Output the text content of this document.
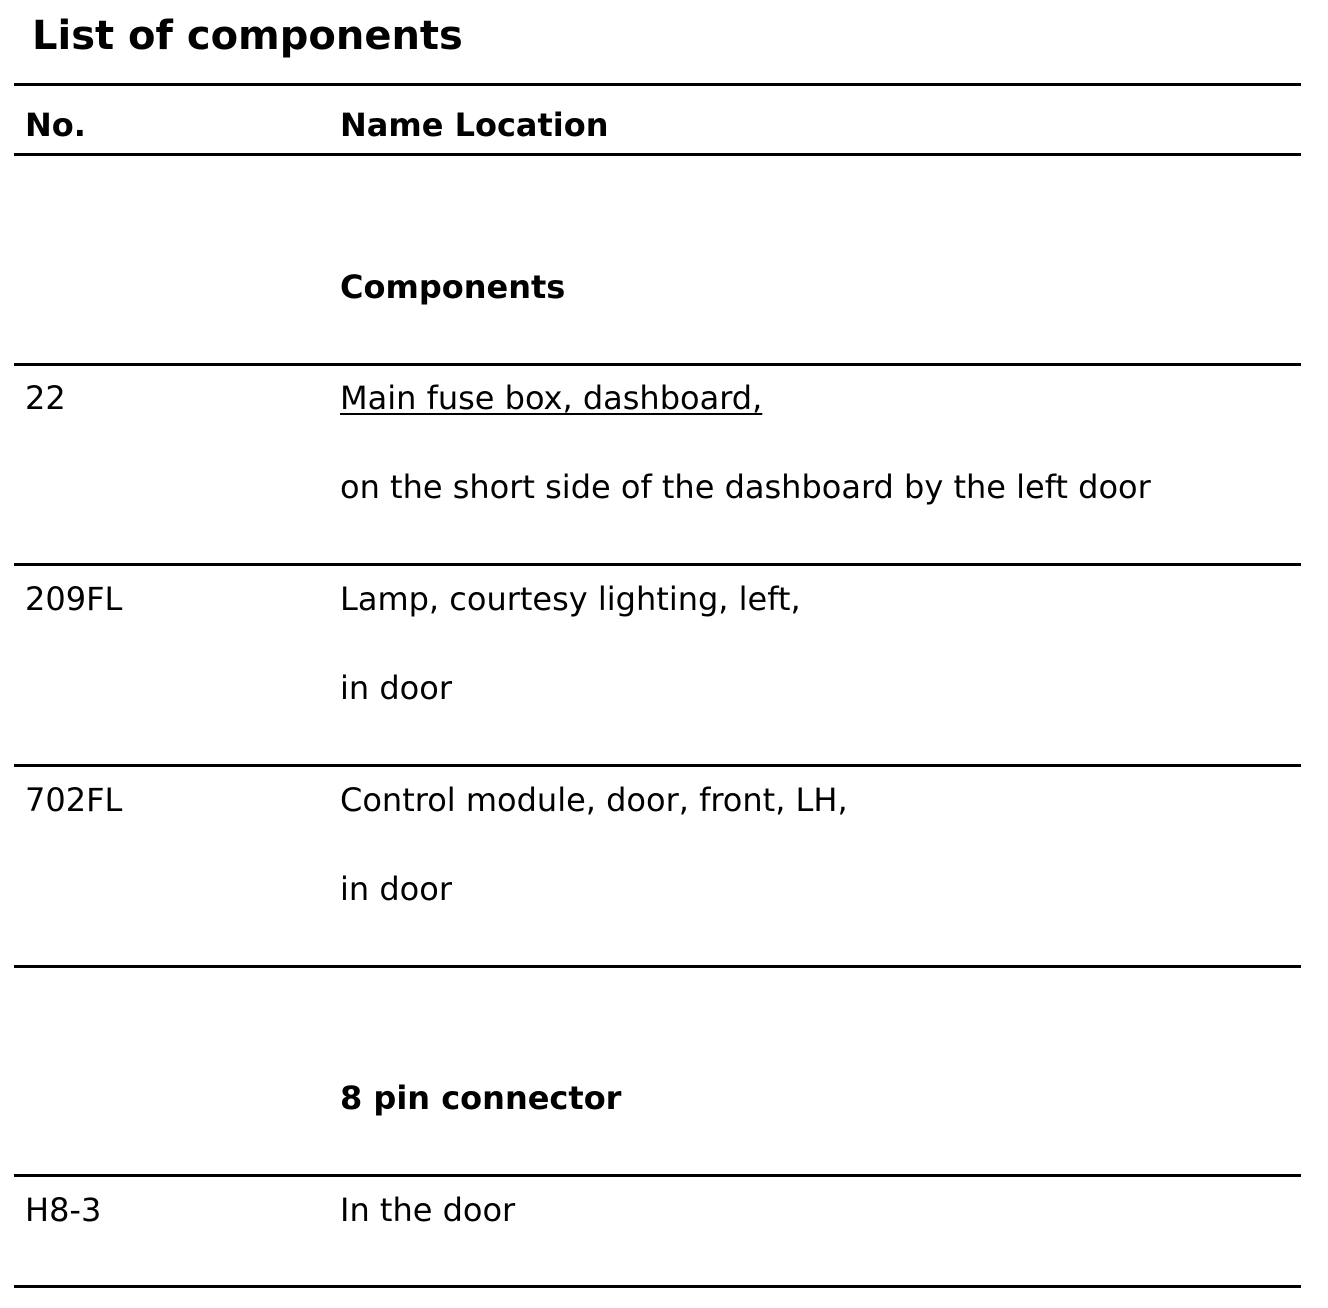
List of components
No.	Name Location
Components
22	Main fuse box, dashboard,
on the short side of the dashboard by the left door
209FL	Lamp, courtesy lighting, left,
in door
702FL	Control module, door, front, LH,
in door
8 pin connector
H8-3	In the door
